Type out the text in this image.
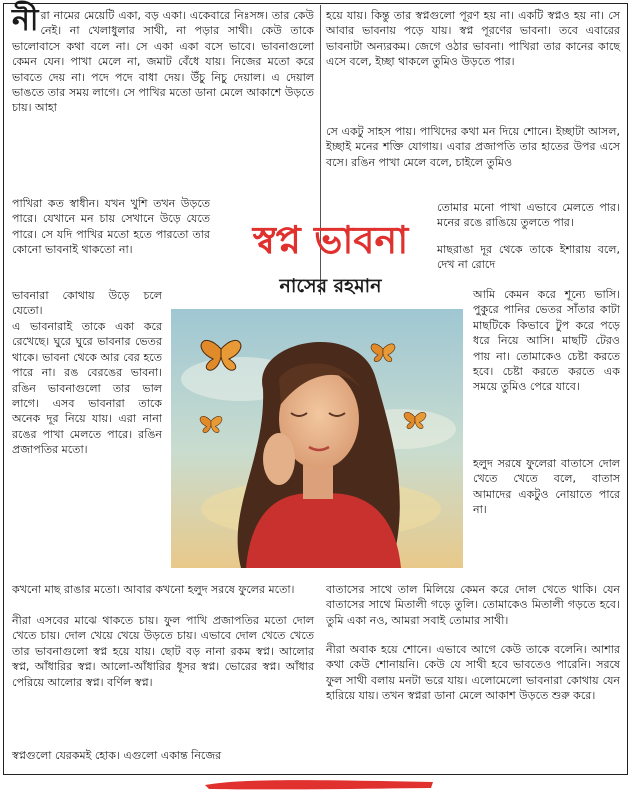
নীরা নামের মেয়েটি একা, বড় একা। একেবারে নিঃসঙ্গ। তার কেউ নেই। না খেলাধুলার সাথী, না পড়ার সাথী। কেউ তাকে ভালোবাসে কথা বলে না। সে একা একা বসে ভাবে। ভাবনাগুলো কেমন যেন। পাখা মেলে না, জমাট বেঁধে যায়। নিজের মতো করে ভাবতে দেয় না। পদে পদে বাধা দেয়। উঁচু নিচু দেয়াল। এ দেয়াল ভাঙতে তার সময় লাগে। সে পাখির মতো ডানা মেলে আকাশে উড়তে চায়। আহা

পাখিরা কত স্বাধীন। যখন খুশি তখন উড়তে পারে। যেখানে মন চায় সেখানে উড়ে যেতে পারে। সে যদি পাখির মতো হতে পারতো তার কোনো ভাবনাই থাকতো না।

ভাবনারা কোথায় উড়ে চলে যেতো।

এ ভাবনারাই তাকে একা করে রেখেছে। ঘুরে ঘুরে ভাবনার ভেতর থাকে। ভাবনা থেকে আর বের হতে পারে না। রঙ বেরঙের ভাবনা। রঙিন ভাবনাগুলো তার ভাল লাগে। এসব ভাবনারা তাকে অনেক দূর নিয়ে যায়। এরা নানা রঙের পাখা মেলতে পারে। রঙিন প্রজাপতির মতো।

কখনো মাছ রাঙার মতো। আবার কখনো হলুদ সরষে ফুলের মতো।

নীরা এসবের মাঝে থাকতে চায়। ফুল পাখি প্রজাপতির মতো দোল খেতে চায়। দোল খেয়ে খেয়ে উড়তে চায়। এভাবে দোল খেতে খেতে তার ভাবনাগুলো স্বপ্ন হয়ে যায়। ছোট বড় নানা রকম স্বপ্ন। আলোর স্বপ্ন, আঁধারির স্বপ্ন। আলো-আঁধারির ধূসর স্বপ্ন। ভোরের স্বপ্ন। আঁধার পেরিয়ে আলোর স্বপ্ন। বর্ণিল স্বপ্ন।

স্বপ্নগুলো যেরকমই হোক। এগুলো একান্ত নিজের

হয়ে যায়। কিন্তু তার স্বপ্নগুলো পূরণ হয় না। একটি স্বপ্নও হয় না। সে আবার ভাবনায় পড়ে যায়। স্বপ্ন পূরণের ভাবনা। তবে এবারের ভাবনাটা অন্যরকম। জেগে ওঠার ভাবনা। পাখিরা তার কানের কাছে এসে বলে, ইচ্ছা থাকলে তুমিও উড়তে পার।

সে একটু সাহস পায়। পাখিদের কথা মন দিয়ে শোনে। ইচ্ছাটা আসল, ইচ্ছাই মনের শক্তি যোগায়। এবার প্রজাপতি তার হাতের উপর এসে বসে। রঙিন পাখা মেলে বলে, চাইলে তুমিও

তোমার মনো পাখা এভাবে মেলতে পার। মনের রঙে রাঙিয়ে তুলতে পার।

মাছরাঙা দূর থেকে তাকে ইশারায় বলে, দেখ না রোদে

আমি কেমন করে শূন্যে ভাসি। পুকুরে পানির ভেতর সাঁতার কাটা মাছটিকে কিভাবে টুপ করে পড়ে ধরে নিয়ে আসি। মাছটি টেরও পায় না। তোমাকেও চেষ্টা করতে হবে। চেষ্টা করতে করতে এক সময়ে তুমিও পেরে যাবে।

হলুদ সরষে ফুলেরা বাতাসে দোল খেতে খেতে বলে, বাতাস আমাদের একটুও নোয়াতে পারে না।

বাতাসের সাথে তাল মিলিয়ে কেমন করে দোল খেতে থাকি। যেন বাতাসের সাথে মিতালী গড়ে তুলি। তোমাকেও মিতালী গড়তে হবে। তুমি একা নও, আমরা সবাই তোমার সাথী।

নীরা অবাক হয়ে শোনে। এভাবে আগে কেউ তাকে বলেনি। আশার কথা কেউ শোনায়নি। কেউ যে সাথী হবে ভাবতেও পারেনি। সরষে ফুল সাথী বলায় মনটা ভরে যায়। এলোমেলো ভাবনারা কোথায় যেন হারিয়ে যায়। তখন স্বপ্নরা ডানা মেলে আকাশ উড়তে শুরু করে।

স্বপ্ন ভাবনা
নাসের রহমান
